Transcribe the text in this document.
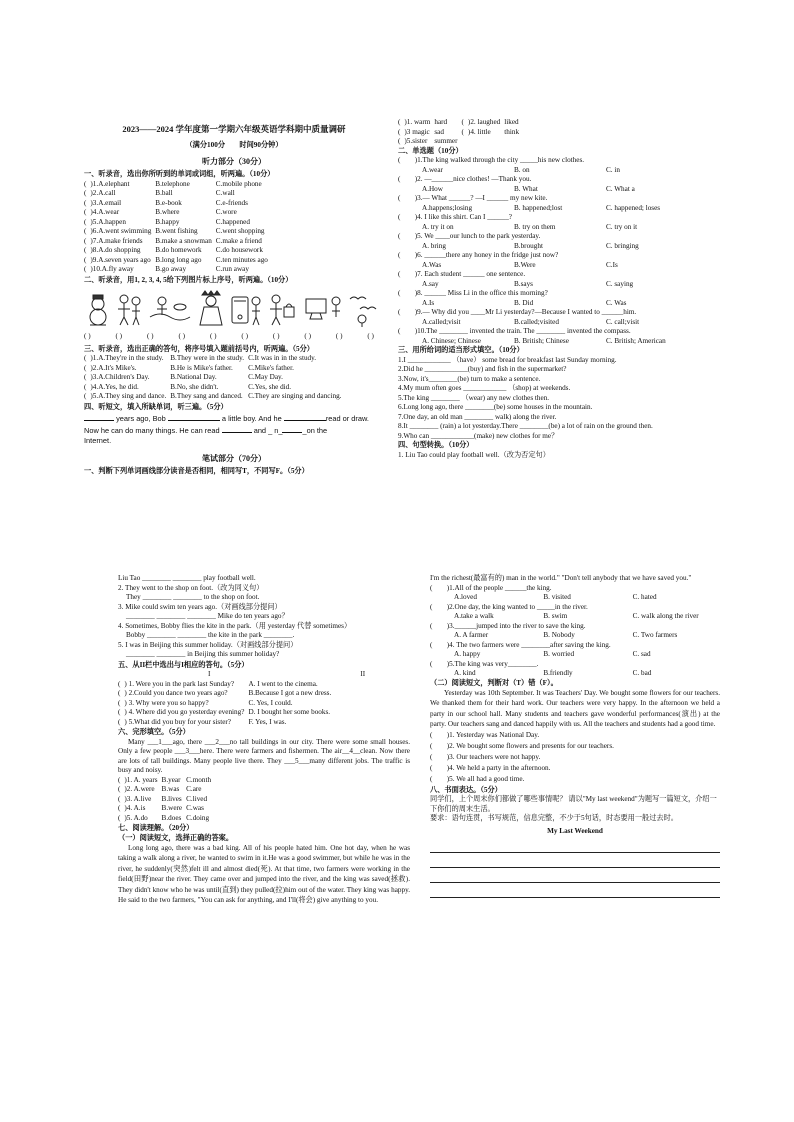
2023——2024 学年度第一学期六年级英语学科期中质量调研
（满分100分　　时间90分钟）
听力部分（30分）
一、听录音，选出你所听到的单词或词组，听两遍。（10分）
(	)1.A.elephant	B.telephone	C.mobile phone
(	)2.A.call	B.ball	C.wall
(	)3.A.email	B.e-book	C.e-friends
(	)4.A.wear	B.where	C.wore
(	)5.A.happen	B.happy	C.happened
(	)6.A.went swimming	B.went fishing	C.went shopping
(	)7.A.make friends	B.make a snowman	C.make a friend
(	)8.A.do shopping	B.do homework	C.do housework
(	)9.A.seven years ago	B.long long ago	C.ten minutes ago
(	)10.A.fly away	B.go away	C.run away
二、听录音，用1, 2, 3, 4, 5给下列图片标上序号，听两遍。（10分）
( )	( )	( )	( )	( )	( )	( )	( )	( )	( )
三、听录音，选出正确的答句，将序号填入题前括号内，听两遍。（5分）
(	)1.A.They're in the study.	B.They were in the study.	C.It was in in the study.
(	)2.A.It's Mike's.	B.He is Mike's father.	C.Mike's father.
(	)3.A.Children's Day.	B.National Day.	C.May Day.
(	)4.A.Yes, he did.	B.No, she didn't.	C.Yes, she did.
(	)5.A.They sing and dance.	B.They sang and danced.	C.They are singing and dancing.
四、听短文，填入所缺单词，听三遍。（5分）
years ago, Bob	a little boy. And he	read or draw.
Now he can do many things. He can read	and _ n_	_on the
Internet.
笔试部分（70分）
一、判断下列单词画线部分读音是否相同，相同写T，不同写F。（5分）
(	)1. warm	hard	(	)2. laughed	liked
(	)3 magic	sad	(	)4. little	think
(	)5.sister	summer			
二、单选题（10分）
(　　)1.The king walked through the city _____his new clothes.
A.wear	B. on	C. in
(　　)2. —______nice clothes! —Thank you.
A.How	B. What	C. What a
(　　)3.— What ______? —I ______ my new kite.
A.happens;losing	B. happened;lost	C. happened; loses
(　　)4. I like this shirt. Can I ______?
A. try it on	B. try on them	C. try on it
(　　)5. We ____our lunch to the park yesterday.
A. bring	B.brought	C. bringing
(　　)6. ______there any honey in the fridge just now?
A.Was	B.Were	C.Is
(　　)7. Each student ______ one sentence.
A.say	B.says	C. saying
(　　)8. ______ Miss Li in the office this morning?
A.Is	B. Did	C. Was
(　　)9.— Why did you ____Mr Li yesterday?—Because I wanted to ______him.
A.called;visit	B.called;visited	C. call;visit
(　　)10.The ________ invented the train. The ________ invented the compass.
A. Chinese; Chinese	B. British; Chinese	C. British; American
三、用所给词的适当形式填空。（10分）
1.I ____________ （have） some bread for breakfast last Sunday morning.
2.Did he ____________(buy) and fish in the supermarket?
3.Now, it's________(be) turn to make a sentence.
4.My mum often goes ____________ （shop) at weekends.
5.The king ________ （wear) any new clothes then.
6.Long long ago, there ________(be) some houses in the mountain.
7.One day, an old man ________ walk) along the river.
8.It ________ (rain) a lot yesterday.There ________(be) a lot of rain on the ground then.
9.Who can ____________(make) new clothes for me？
四、句型转换。（10分）
1. Liu Tao could play football well.（改为否定句）
Liu Tao ________ ________ play football well.
2. They went to the shop on foot.（改为同义句）
They ________ ________ to the shop on foot.
3. Mike could swim ten years ago.（对画线部分提问）
________ ________ ________ Mike do ten years ago？
4. Sometimes, Bobby flies the kite in the park.（用 yesterday 代替 sometimes）
Bobby ________ ________ the kite in the park ________.
5. I was in Beijing this summer holiday.（对画线部分提问）
________ ________ in Beijing this summer holiday?
五、从II栏中选出与I相应的答句。（5分）
I	II
(	) 1. Were you in the park last Sunday?	A. I went to the cinema.
(	) 2.Could you dance two years ago?	B.Because I got a new dress.
(	) 3. Why were you so happy?	C. Yes, I could.
(	) 4. Where did you go yesterday evening?	D. I bought her some books.
(	) 5.What did you buy for your sister?	F. Yes, I was.
六、完形填空。（5分）

Many ___1___ago, there ___2___no tall buildings in our city. There were some small houses. Only a few people ___3___here. There were farmers and fishermen. The air__4__clean. Now there are lots of tall buildings. Many people live there. They ___5___many different jobs. The traffic is busy and noisy.

(	)1. A. years	B.year	C.month
(	)2. A.were	B.was	C.are
(	)3. A.live	B.lives	C.lived
(	)4. A.is	B.were	C.was
(	)5. A.do	B.does	C.doing
七、阅读理解。（20分）
（一）阅读短文，选择正确的答案。

Long long ago, there was a bad king. All of his people hated him. One hot day, when he was taking a walk along a river, he wanted to swim in it.He was a good swimmer, but while he was in the river, he suddenly(突然)felt ill and almost died(死). At that time, two farmers were working in the field(田野)near the river. They came over and jumped into the river, and the king was saved(拯救). They didn't know who he was until(直到) they pulled(拉)him out of the water. They king was happy. He said to the two farmers, "You can ask for anything, and I'll(将会) give anything to you.

I'm the richest(最富有的) man in the world." "Don't tell anybody that we have saved you."

(　　)1.All of the people ______the king.
A.loved	B. visited	C. hated
(　　)2.One day, the king wanted to _____in the river.
A.take a walk	B. swim	C. walk along the river
(　　)3.______jumped into the river to save the king.
A. A farmer	B. Nobody	C. Two farmers
(　　)4. The two farmers were ________after saving the king.
A. happy	B. worried	C. sad
(　　)5.The king was very________.
A. kind	B.friendly	C. bad
（二）阅读短文，判断对（T）错（F）。

Yesterday was 10th September. It was Teachers' Day. We bought some flowers for our teachers. We thanked them for their hard work. Our teachers were very happy. In the afternoon we held a party in our school hall. Many students and teachers gave wonderful performances(演出) at the party. Our teachers sang and danced happily with us. All the teachers and students had a good time.

(　　)1. Yesterday was National Day.
(　　)2. We bought some flowers and presents for our teachers.
(　　)3. Our teachers were not happy.
(　　)4. We held a party in the afternoon.
(　　)5. We all had a good time.
八、书面表达。（5分）

同学们，上个周末你们都做了哪些事情呢？ 请以"My last weekend"为题写一篇短文，介绍一下你们的周末生活。

要求：语句连贯，书写规范，信息完整，不少于5句话，时态要用一般过去时。

My Last Weekend
